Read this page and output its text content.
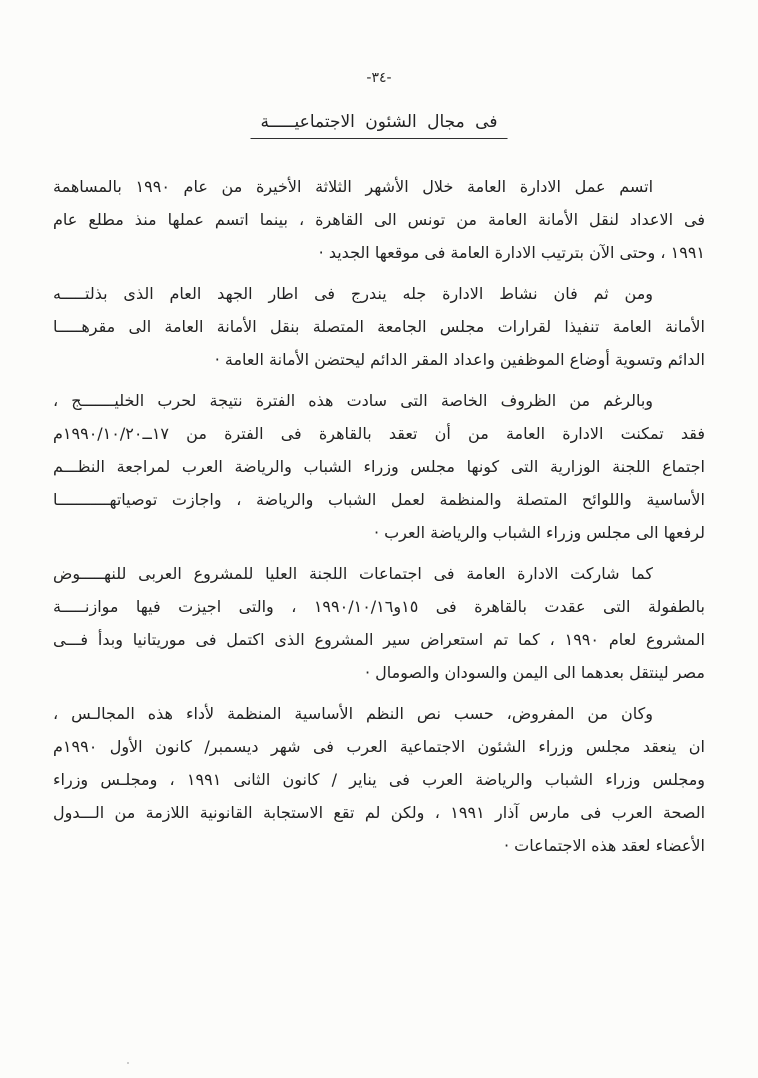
-٣٤-
فى مجال الشئون الاجتماعيـــــة
اتسم عمل الادارة العامة خلال الأشهر الثلاثة الأخيرة من عام ١٩٩٠ بالمساهمة
فى الاعداد لنقل الأمانة العامة من تونس الى القاهرة ، بينما اتسم عملها منذ مطلع عام
١٩٩١ ، وحتى الآن بترتيب الادارة العامة فى موقعها الجديد ·
ومن ثم فان نشاط الادارة جله يندرج فى اطار الجهد العام الذى بذلتـــــه
الأمانة العامة تنفيذا لقرارات مجلس الجامعة المتصلة بنقل الأمانة العامة الى مقرهـــــا
الدائم وتسوية أوضاع الموظفين واعداد المقر الدائم ليحتضن الأمانة العامة ·
وبالرغم من الظروف الخاصة التى سادت هذه الفترة نتيجة لحرب الخليـــــــج ،
فقد تمكنت الادارة العامة من أن تعقد بالقاهرة فى الفترة من ١٧ــ١٩٩٠/١٠/٢٠م
اجتماع اللجنة الوزارية التى كونها مجلس وزراء الشباب والرياضة العرب لمراجعة النظـــم
الأساسية واللوائح المتصلة والمنظمة لعمل الشباب والرياضة ، واجازت توصياتهـــــــــــا
لرفعها الى مجلس وزراء الشباب والرياضة العرب ·
كما شاركت الادارة العامة فى اجتماعات اللجنة العليا للمشروع العربى للنهـــــوض
بالطفولة التى عقدت بالقاهرة فى ١٥و١٩٩٠/١٠/١٦ ، والتى اجيزت فيها موازنـــــة
المشروع لعام ١٩٩٠ ، كما تم استعراض سير المشروع الذى اكتمل فى موريتانيا وبدأ فـــى
مصر لينتقل بعدهما الى اليمن والسودان والصومال ·
وكان من المفروض، حسب نص النظم الأساسية المنظمة لأداء هذه المجالـس ،
ان ينعقد مجلس وزراء الشئون الاجتماعية العرب فى شهر ديسمبر/ كانون الأول ١٩٩٠م
ومجلس وزراء الشباب والرياضة العرب فى يناير / كانون الثانى ١٩٩١ ، ومجلـس وزراء
الصحة العرب فى مارس آذار ١٩٩١ ، ولكن لم تقع الاستجابة القانونية اللازمة من الـــدول
الأعضاء لعقد هذه الاجتماعات ·
